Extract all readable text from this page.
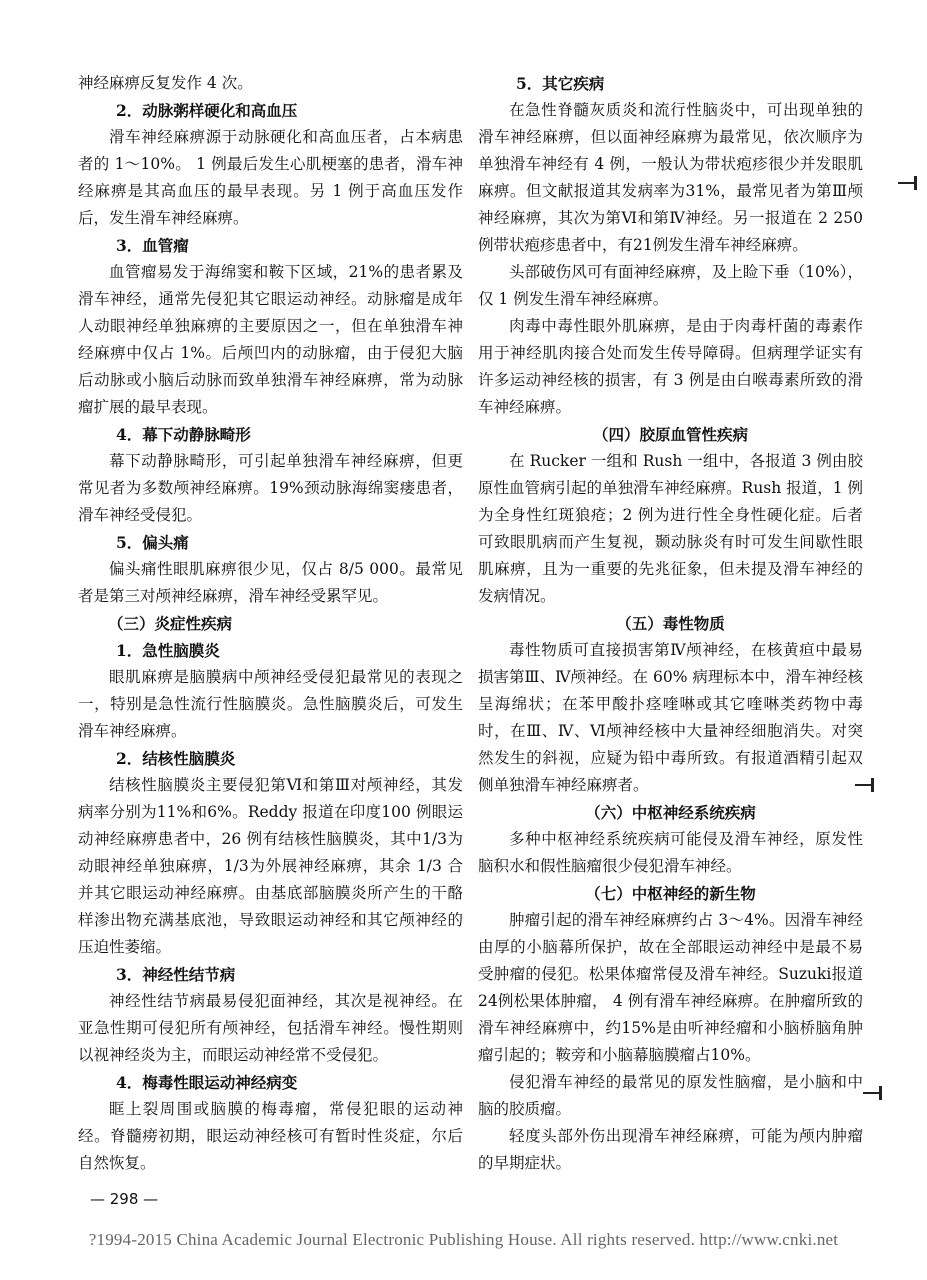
神经麻痹反复发作 4 次。

2．动脉粥样硬化和高血压

滑车神经麻痹源于动脉硬化和高血压者，占本病患者的 1～10%。 1 例最后发生心肌梗塞的患者，滑车神经麻痹是其高血压的最早表现。另 1 例于高血压发作后，发生滑车神经麻痹。

3．血管瘤

血管瘤易发于海绵窦和鞍下区域，21%的患者累及滑车神经，通常先侵犯其它眼运动神经。动脉瘤是成年人动眼神经单独麻痹的主要原因之一，但在单独滑车神经麻痹中仅占 1%。后颅凹内的动脉瘤，由于侵犯大脑后动脉或小脑后动脉而致单独滑车神经麻痹，常为动脉瘤扩展的最早表现。

4．幕下动静脉畸形

幕下动静脉畸形，可引起单独滑车神经麻痹，但更常见者为多数颅神经麻痹。19%颈动脉海绵窦瘘患者，滑车神经受侵犯。

5．偏头痛

偏头痛性眼肌麻痹很少见，仅占 8/5 000。最常见者是第三对颅神经麻痹，滑车神经受累罕见。

（三）炎症性疾病

1．急性脑膜炎

眼肌麻痹是脑膜病中颅神经受侵犯最常见的表现之一，特别是急性流行性脑膜炎。急性脑膜炎后，可发生滑车神经麻痹。

2．结核性脑膜炎

结核性脑膜炎主要侵犯第Ⅵ和第Ⅲ对颅神经，其发病率分别为11%和6%。Reddy 报道在印度100 例眼运动神经麻痹患者中，26 例有结核性脑膜炎，其中1/3为动眼神经单独麻痹，1/3为外展神经麻痹，其余 1/3 合并其它眼运动神经麻痹。由基底部脑膜炎所产生的干酪样渗出物充满基底池，导致眼运动神经和其它颅神经的压迫性萎缩。

3．神经性结节病

神经性结节病最易侵犯面神经，其次是视神经。在亚急性期可侵犯所有颅神经，包括滑车神经。慢性期则以视神经炎为主，而眼运动神经常不受侵犯。

4．梅毒性眼运动神经病变

眶上裂周围或脑膜的梅毒瘤，常侵犯眼的运动神经。脊髓痨初期，眼运动神经核可有暂时性炎症，尔后自然恢复。

5．其它疾病

在急性脊髓灰质炎和流行性脑炎中，可出现单独的滑车神经麻痹，但以面神经麻痹为最常见，依次顺序为单独滑车神经有 4 例，一般认为带状疱疹很少并发眼肌麻痹。但文献报道其发病率为31%，最常见者为第Ⅲ颅神经麻痹，其次为第Ⅵ和第Ⅳ神经。另一报道在 2 250 例带状疱疹患者中，有21例发生滑车神经麻痹。

头部破伤风可有面神经麻痹，及上睑下垂（10%），仅 1 例发生滑车神经麻痹。

肉毒中毒性眼外肌麻痹，是由于肉毒杆菌的毒素作用于神经肌肉接合处而发生传导障碍。但病理学证实有许多运动神经核的损害，有 3 例是由白喉毒素所致的滑车神经麻痹。

（四）胶原血管性疾病

在 Rucker 一组和 Rush 一组中，各报道 3 例由胶原性血管病引起的单独滑车神经麻痹。Rush 报道，1 例为全身性红斑狼疮；2 例为进行性全身性硬化症。后者可致眼肌病而产生复视，颞动脉炎有时可发生间歇性眼肌麻痹，且为一重要的先兆征象，但未提及滑车神经的发病情况。

（五）毒性物质

毒性物质可直接损害第Ⅳ颅神经，在核黄疸中最易损害第Ⅲ、Ⅳ颅神经。在 60% 病理标本中，滑车神经核呈海绵状；在苯甲酸扑痉喹啉或其它喹啉类药物中毒时，在Ⅲ、Ⅳ、Ⅵ颅神经核中大量神经细胞消失。对突然发生的斜视，应疑为铅中毒所致。有报道酒精引起双侧单独滑车神经麻痹者。

（六）中枢神经系统疾病

多种中枢神经系统疾病可能侵及滑车神经，原发性脑积水和假性脑瘤很少侵犯滑车神经。

（七）中枢神经的新生物

肿瘤引起的滑车神经麻痹约占 3～4%。因滑车神经由厚的小脑幕所保护，故在全部眼运动神经中是最不易受肿瘤的侵犯。松果体瘤常侵及滑车神经。Suzuki报道24例松果体肿瘤， 4 例有滑车神经麻痹。在肿瘤所致的滑车神经麻痹中，约15%是由听神经瘤和小脑桥脑角肿瘤引起的；鞍旁和小脑幕脑膜瘤占10%。

侵犯滑车神经的最常见的原发性脑瘤，是小脑和中脑的胶质瘤。

轻度头部外伤出现滑车神经麻痹，可能为颅内肿瘤的早期症状。

— 298 —
?1994-2015 China Academic Journal Electronic Publishing House. All rights reserved. http://www.cnki.net
